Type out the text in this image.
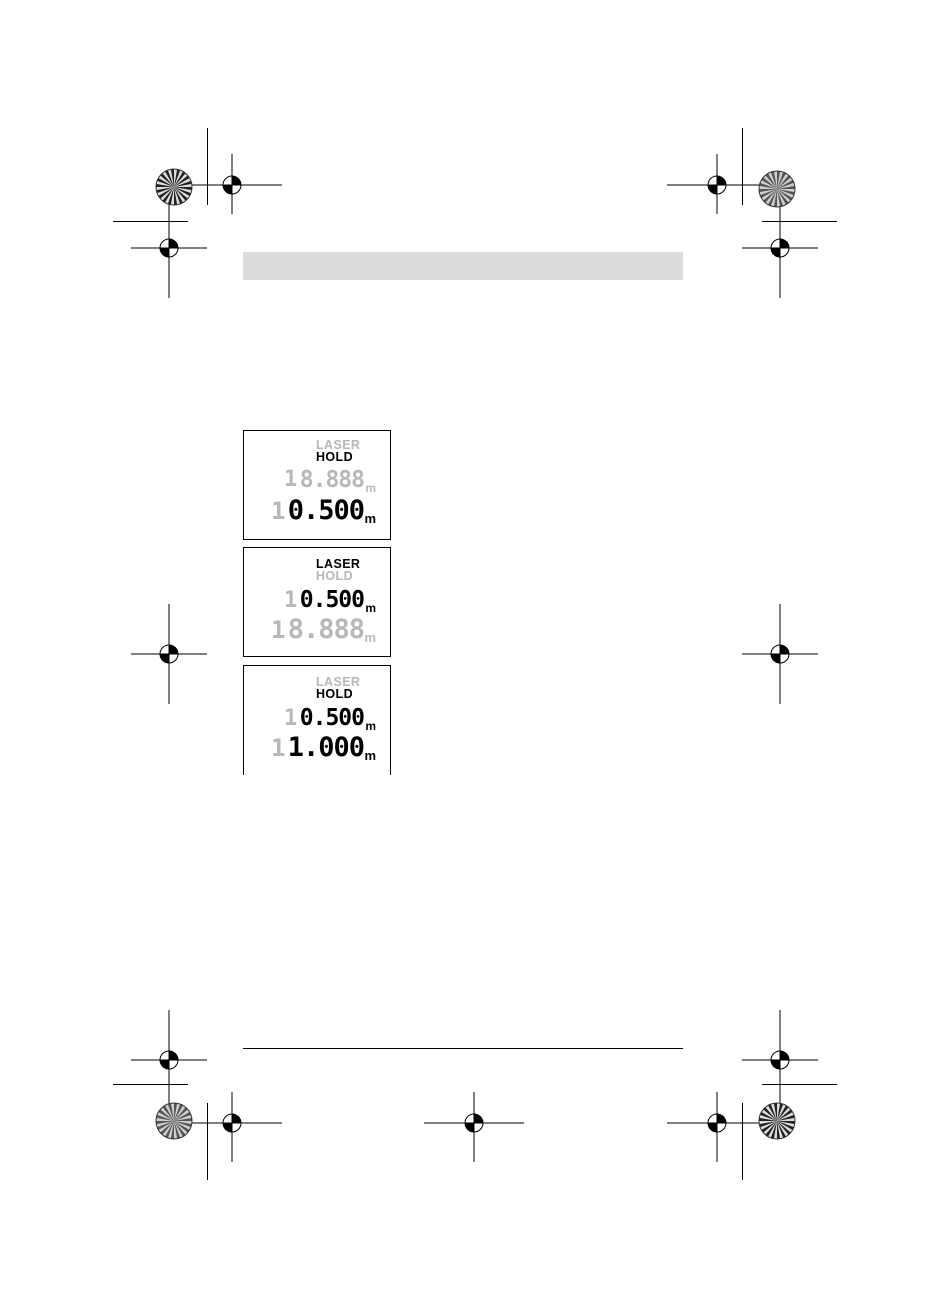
LASER
HOLD
1 8.888 m
1 0.500 m
LASER
HOLD
1 0.500 m
1 8.888 m
LASER
HOLD
1 0.500 m
1 1.000 m
